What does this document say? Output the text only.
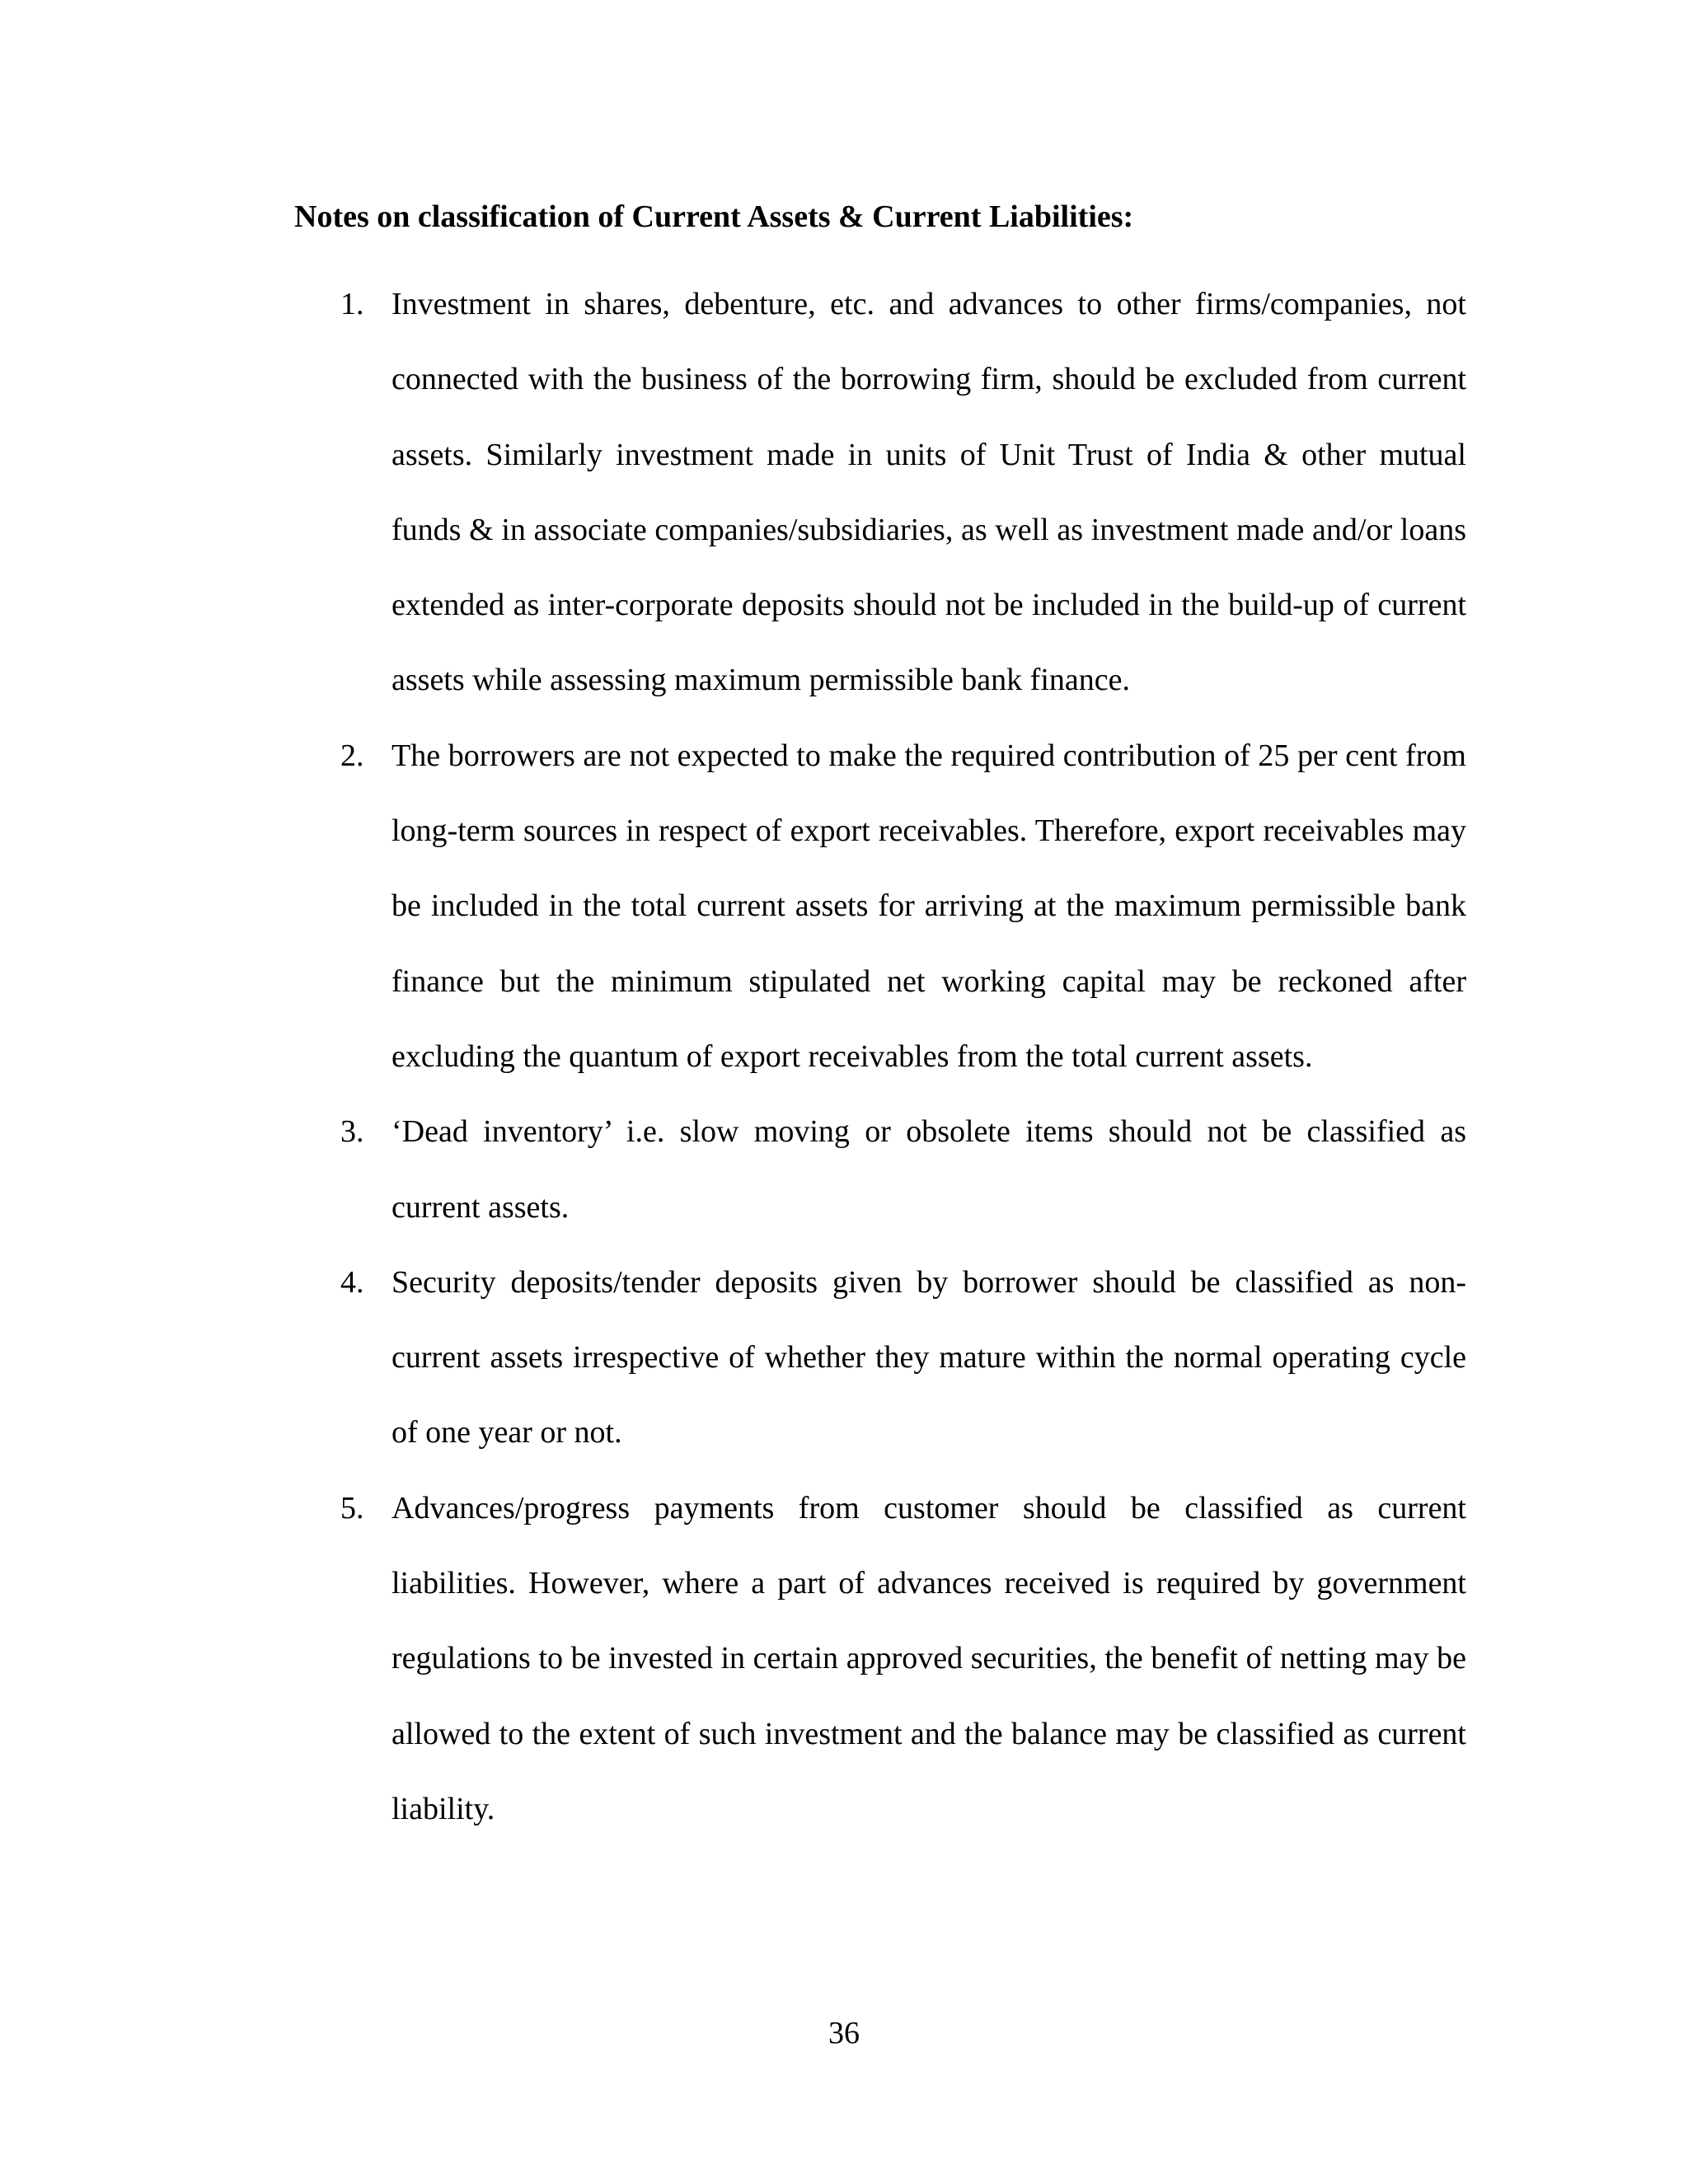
Notes on classification of Current Assets & Current Liabilities:
1. Investment in shares, debenture, etc. and advances to other firms/companies, not connected with the business of the borrowing firm, should be excluded from current assets. Similarly investment made in units of Unit Trust of India & other mutual funds & in associate companies/subsidiaries, as well as investment made and/or loans extended as inter-corporate deposits should not be included in the build-up of current assets while assessing maximum permissible bank finance.
2. The borrowers are not expected to make the required contribution of 25 per cent from long-term sources in respect of export receivables. Therefore, export receivables may be included in the total current assets for arriving at the maximum permissible bank finance but the minimum stipulated net working capital may be reckoned after excluding the quantum of export receivables from the total current assets.
3. ‘Dead inventory’ i.e. slow moving or obsolete items should not be classified as current assets.
4. Security deposits/tender deposits given by borrower should be classified as non-current assets irrespective of whether they mature within the normal operating cycle of one year or not.
5. Advances/progress payments from customer should be classified as current liabilities. However, where a part of advances received is required by government regulations to be invested in certain approved securities, the benefit of netting may be allowed to the extent of such investment and the balance may be classified as current liability.
36
